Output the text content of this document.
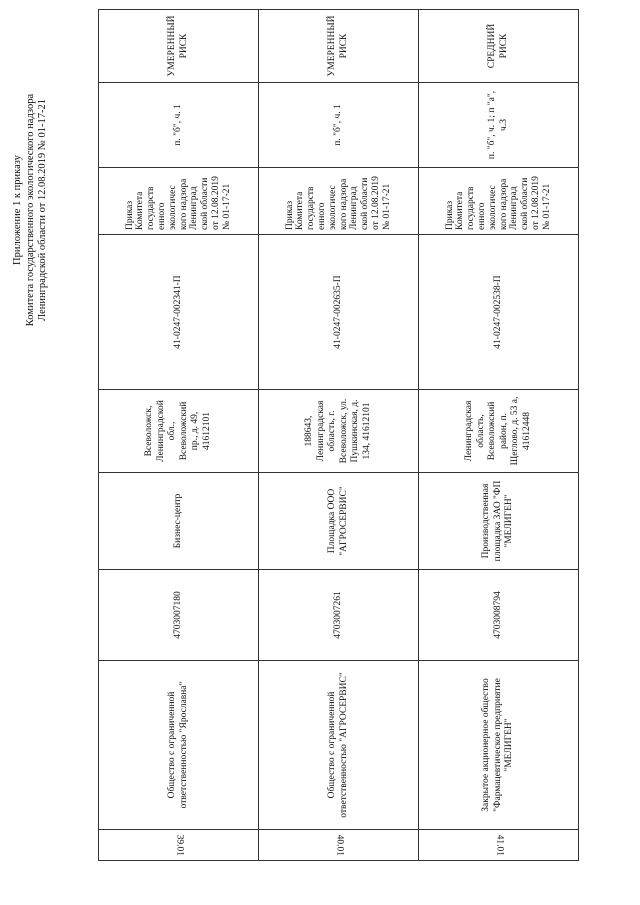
Приложение 1 к приказу Комитета государственного экологического надзора Ленинградской области от 12.08.2019 № 01-17-21
39.01	Общество с ограниченной ответственностью "Ярославна"	4703007180	Бизнес-центр	Всеволожск, Ленинградской обл., Всеволожский пр., д. 49, 41612101	41-0247-002341-П	Приказ Комитета государств енного экологичес кого надзора Ленинград ской области от 12.08.2019 № 01-17-21	п. "б", ч. 1	УМЕРЕННЫЙ РИСК
40.01	Общество с ограниченной ответственностью "АГРОСЕРВИС"	4703007261	Площадка ООО "АГРОСЕРВИС"	188643, Ленинградская область, г. Всеволожск, ул. Пушкинская, д. 134, 41612101	41-0247-002635-П	Приказ Комитета государств енного экологичес кого надзора Ленинград ской области от 12.08.2019 № 01-17-21	п. "б", ч. 1	УМЕРЕННЫЙ РИСК
41.01	Закрытое акционерное общество "Фармацевтическое предприятие "МЕЛИГЕН"	4703008794	Производственная площадка ЗАО "ФП "МЕЛИГЕН"	Ленинградская область, Всеволожский район, п. Щеглово, д. 53 а, 41612448	41-0247-002538-П	Приказ Комитета государств енного экологичес кого надзора Ленинград ской области от 12.08.2019 № 01-17-21	п. "б", ч. 1; п "а", ч.3	СРЕДНИЙ РИСК
